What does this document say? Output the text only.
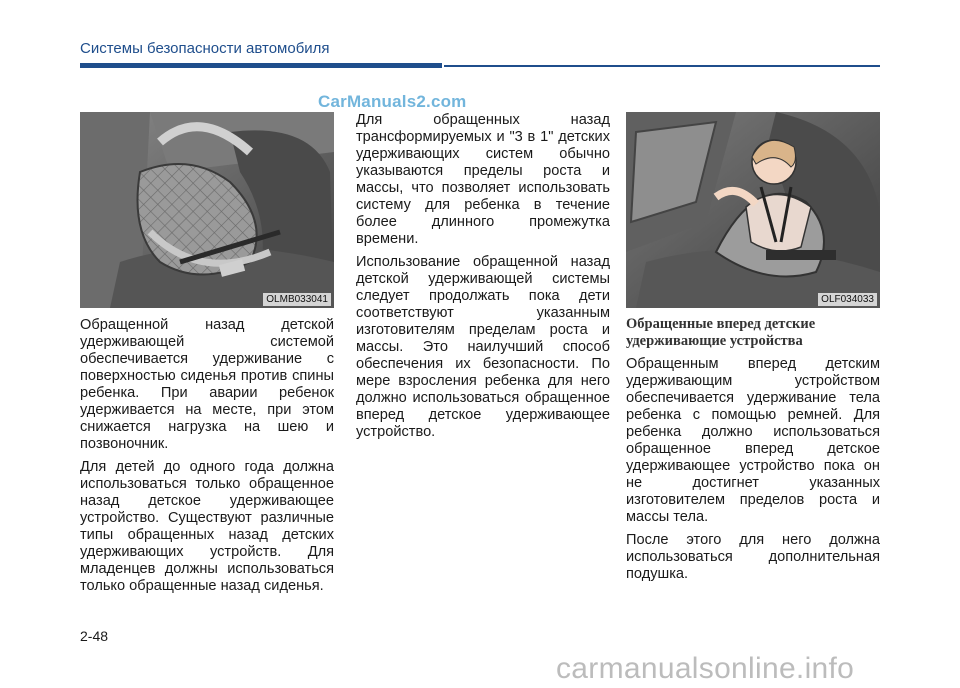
Системы безопасности автомобиля
CarManuals2.com
OLMB033041	OLF034033

Обращенной назад детской удерживающей системой обеспечивается удерживание с поверхностью сиденья против спины ребенка. При аварии ребенок удерживается на месте, при этом снижается нагрузка на шею и позвоночник.

Для детей до одного года должна использоваться только обращенное назад детское удерживающее устройство. Существуют различные типы обращенных назад детских удерживающих устройств. Для младенцев должны использоваться только обращенные назад сиденья.

Для обращенных назад трансформируемых и "3 в 1" детских удерживающих систем обычно указываются пределы роста и массы, что позволяет использовать систему для ребенка в течение более длинного промежутка времени.

Использование обращенной назад детской удерживающей системы следует продолжать пока дети соответствуют указанным изготовителям пределам роста и массы. Это наилучший способ обеспечения их безопасности. По мере взросления ребенка для него должно использоваться обращенное вперед детское удерживающее устройство.

Обращенные вперед детские удерживающие устройства

Обращенным вперед детским удерживающим устройством обеспечивается удерживание тела ребенка с помощью ремней. Для ребенка должно использоваться обращенное вперед детское удерживающее устройство пока он не достигнет указанных изготовителем пределов роста и массы тела.

После этого для него должна использоваться дополнительная подушка.

2-48
carmanualsonline.info
